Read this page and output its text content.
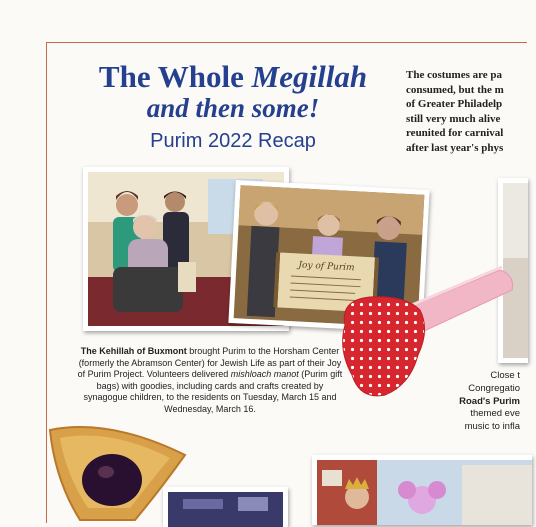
The Whole Megillah
and then some!
Purim 2022 Recap
The costumes are pa
consumed, but the m
of Greater Philadelp
still very much alive
reunited for carnival
after last year's phys
Joy of Purim
The Kehillah of Buxmont brought Purim to the Horsham Center (formerly the Abramson Center) for Jewish Life as part of their Joy of Purim Project. Volunteers delivered mishloach manot (Purim gift bags) with goodies, including cards and crafts created by synagogue children, to the residents on Tuesday, March 15 and Wednesday, March 16.
Close t
Congregatio
Road's Purim
themed eve
music to infla
